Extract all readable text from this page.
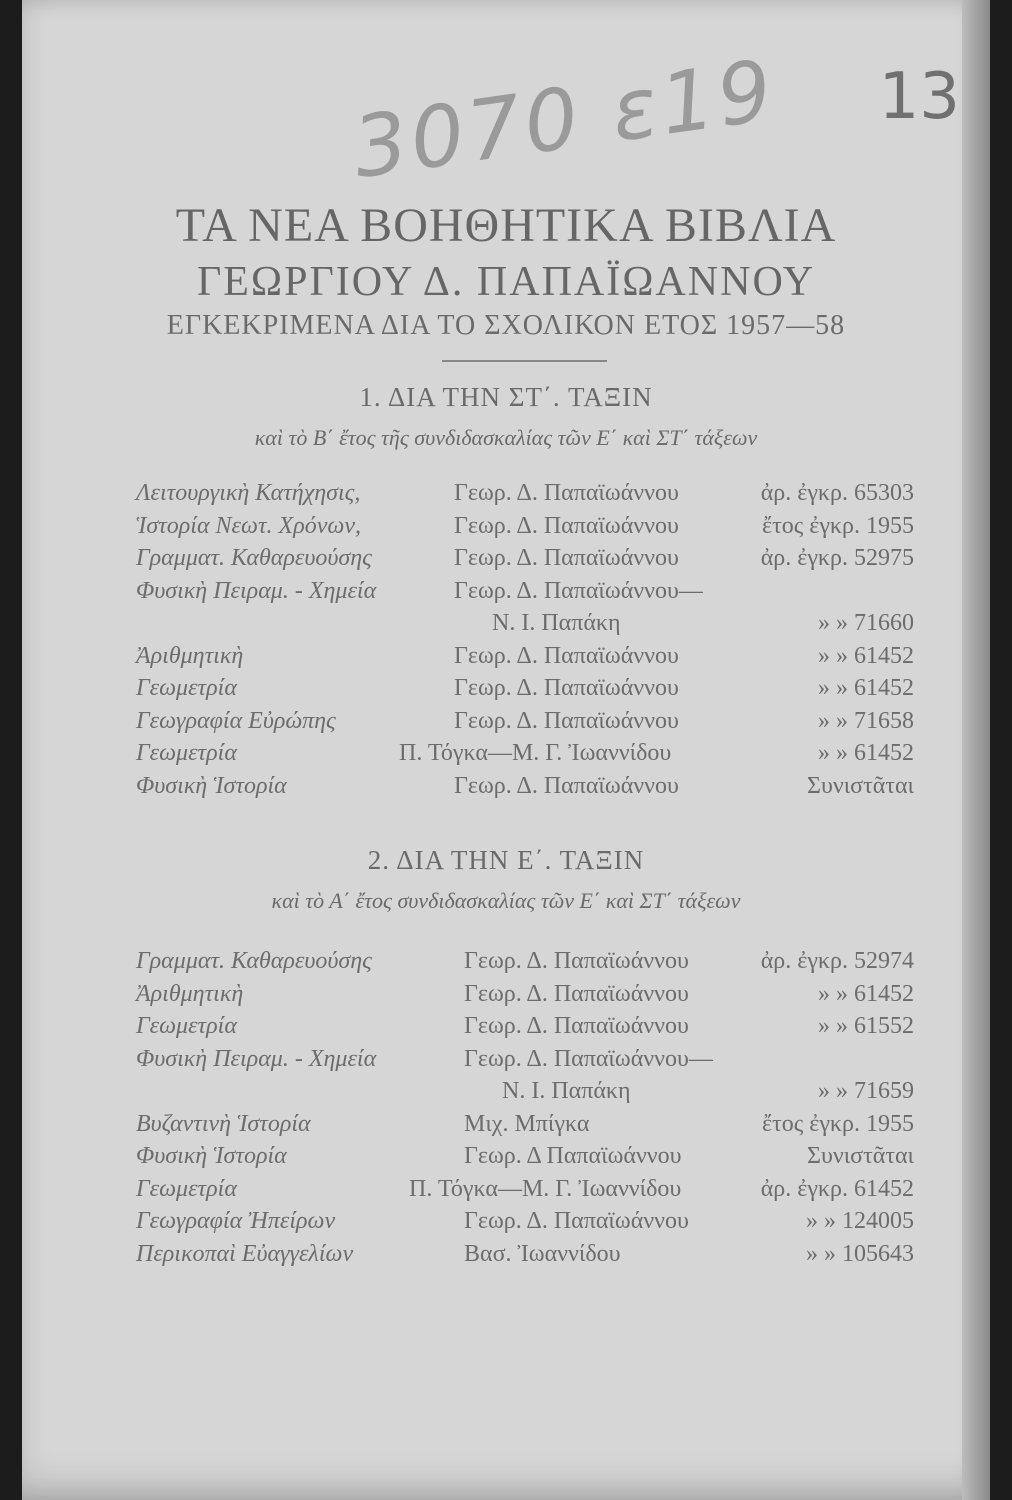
3070 ε19 13
ΤΑ ΝΕΑ ΒΟΗΘΗΤΙΚΑ ΒΙΒΛΙΑ
ΓΕΩΡΓΙΟΥ Δ. ΠΑΠΑΪΩΑΝΝΟΥ
ΕΓΚΕΚΡΙΜΕΝΑ ΔΙΑ ΤΟ ΣΧΟΛΙΚΟΝ ΕΤΟΣ 1957—58
1. ΔΙΑ ΤΗΝ ΣΤ΄. ΤΑΞΙΝ
καὶ τὸ Β΄ ἔτος τῆς συνδιδασκαλίας τῶν Ε΄ καὶ ΣΤ΄ τάξεων
Λειτουργικὴ Κατήχησις,	Γεωρ. Δ. Παπαϊωάννου	ἀρ. ἐγκρ. 65303
Ἱστορία Νεωτ. Χρόνων,	Γεωρ. Δ. Παπαϊωάννου	ἔτος ἐγκρ. 1955
Γραμματ. Καθαρευούσης	Γεωρ. Δ. Παπαϊωάννου	ἀρ. ἐγκρ. 52975
Φυσικὴ Πειραμ. - Χημεία	Γεωρ. Δ. Παπαϊωάννου—
Ν. Ι. Παπάκη	» » 71660
Ἀριθμητικὴ	Γεωρ. Δ. Παπαϊωάννου	» » 61452
Γεωμετρία	Γεωρ. Δ. Παπαϊωάννου	» » 61452
Γεωγραφία Εὐρώπης	Γεωρ. Δ. Παπαϊωάννου	» » 71658
Γεωμετρία	Π. Τόγκα—Μ. Γ. Ἰωαννίδου	» » 61452
Φυσικὴ Ἱστορία	Γεωρ. Δ. Παπαϊωάννου	Συνιστᾶται
2. ΔΙΑ ΤΗΝ Ε΄. ΤΑΞΙΝ
καὶ τὸ Α΄ ἔτος συνδιδασκαλίας τῶν Ε΄ καὶ ΣΤ΄ τάξεων
Γραμματ. Καθαρευούσης	Γεωρ. Δ. Παπαϊωάννου	ἀρ. ἐγκρ. 52974
Ἀριθμητικὴ	Γεωρ. Δ. Παπαϊωάννου	» » 61452
Γεωμετρία	Γεωρ. Δ. Παπαϊωάννου	» » 61552
Φυσικὴ Πειραμ. - Χημεία	Γεωρ. Δ. Παπαϊωάννου—
Ν. Ι. Παπάκη	» » 71659
Βυζαντινὴ Ἱστορία	Μιχ. Μπίγκα	ἔτος ἐγκρ. 1955
Φυσικὴ Ἱστορία	Γεωρ. Δ Παπαϊωάννου	Συνιστᾶται
Γεωμετρία	Π. Τόγκα—Μ. Γ. Ἰωαννίδου	ἀρ. ἐγκρ. 61452
Γεωγραφία Ἠπείρων	Γεωρ. Δ. Παπαϊωάννου	» » 124005
Περικοπαὶ Εὐαγγελίων	Βασ. Ἰωαννίδου	» » 105643
